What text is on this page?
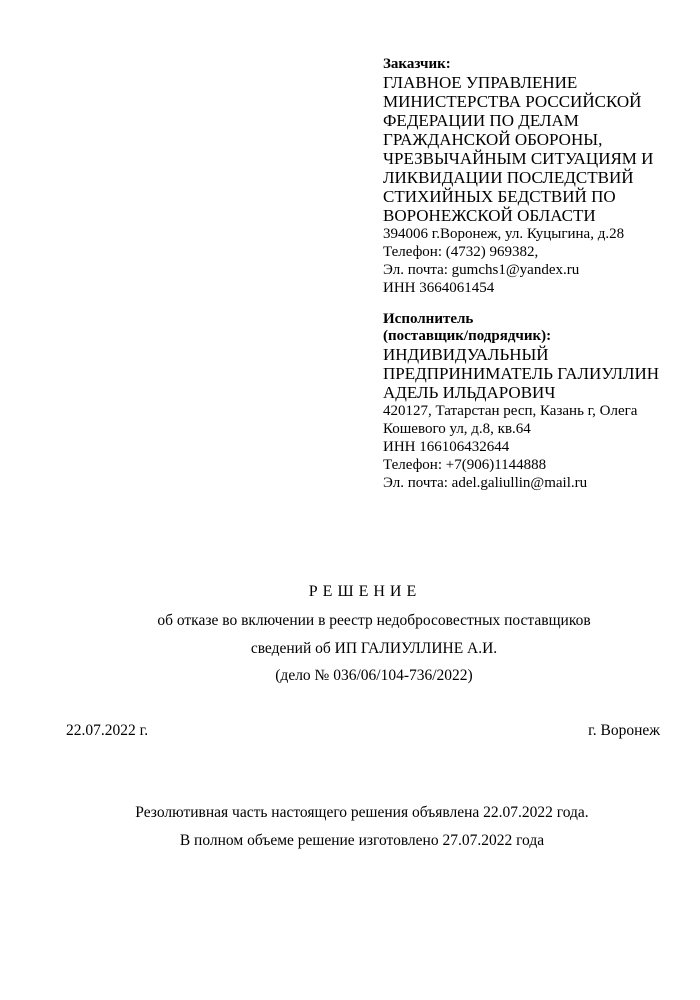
Заказчик:
ГЛАВНОЕ УПРАВЛЕНИЕ
МИНИСТЕРСТВА РОССИЙСКОЙ
ФЕДЕРАЦИИ ПО ДЕЛАМ
ГРАЖДАНСКОЙ ОБОРОНЫ,
ЧРЕЗВЫЧАЙНЫМ СИТУАЦИЯМ И
ЛИКВИДАЦИИ ПОСЛЕДСТВИЙ
СТИХИЙНЫХ БЕДСТВИЙ ПО
ВОРОНЕЖСКОЙ ОБЛАСТИ
394006 г.Воронеж, ул. Куцыгина, д.28
Телефон: (4732) 969382,
Эл. почта: gumchs1@yandex.ru
ИНН 3664061454
Исполнитель
(поставщик/подрядчик):
ИНДИВИДУАЛЬНЫЙ
ПРЕДПРИНИМАТЕЛЬ ГАЛИУЛЛИН
АДЕЛЬ ИЛЬДАРОВИЧ
420127, Татарстан респ, Казань г, Олега
Кошевого ул, д.8, кв.64
ИНН 166106432644
Телефон: +7(906)1144888
Эл. почта: adel.galiullin@mail.ru
РЕШЕНИЕ
об отказе во включении в реестр недобросовестных поставщиков
сведений об ИП ГАЛИУЛЛИНЕ А.И.
(дело № 036/06/104-736/2022)
22.07.2022 г.	г. Воронеж
Резолютивная часть настоящего решения объявлена 22.07.2022 года.
В полном объеме решение изготовлено 27.07.2022 года
